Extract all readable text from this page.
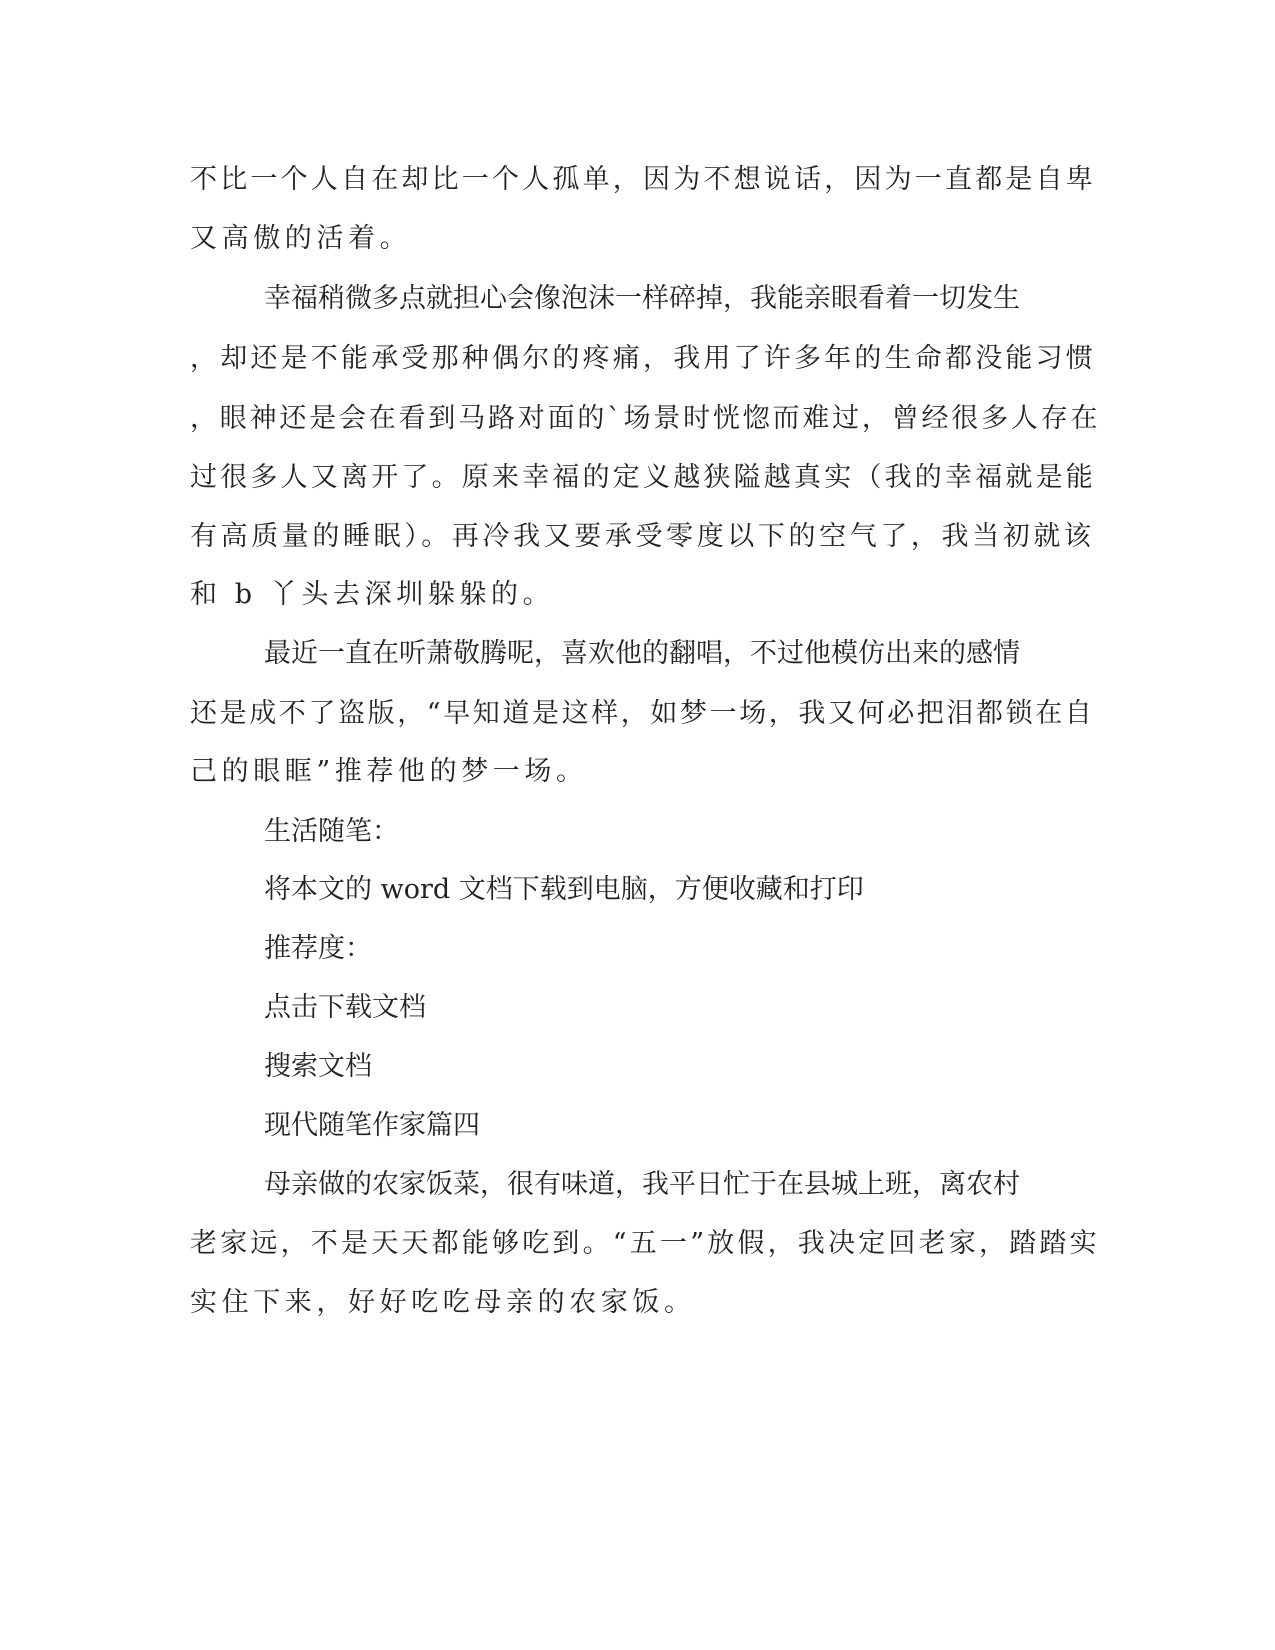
不比一个人自在却比一个人孤单，因为不想说话，因为一直都是自卑
又高傲的活着。
幸福稍微多点就担心会像泡沫一样碎掉，我能亲眼看着一切发生
，却还是不能承受那种偶尔的疼痛，我用了许多年的生命都没能习惯
，眼神还是会在看到马路对面的`场景时恍惚而难过，曾经很多人存在
过很多人又离开了。原来幸福的定义越狭隘越真实（我的幸福就是能
有高质量的睡眠）。再冷我又要承受零度以下的空气了，我当初就该
和 b 丫头去深圳躲躲的。
最近一直在听萧敬腾呢，喜欢他的翻唱，不过他模仿出来的感情
还是成不了盗版，“早知道是这样，如梦一场，我又何必把泪都锁在自
己的眼眶”推荐他的梦一场。
生活随笔：
将本文的 word 文档下载到电脑，方便收藏和打印
推荐度：
点击下载文档
搜索文档
现代随笔作家篇四
母亲做的农家饭菜，很有味道，我平日忙于在县城上班，离农村
老家远，不是天天都能够吃到。“五一”放假，我决定回老家，踏踏实
实住下来，好好吃吃母亲的农家饭。
